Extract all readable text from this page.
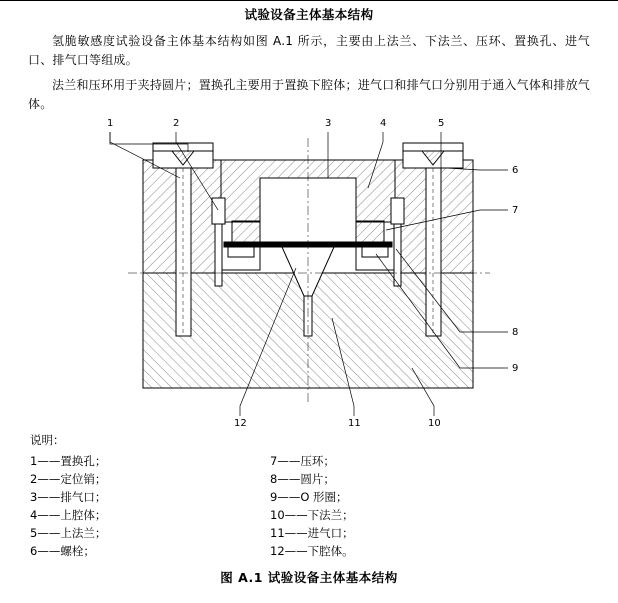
试验设备主体基本结构
氢脆敏感度试验设备主体基本结构如图 A.1 所示，主要由上法兰、下法兰、压环、置换孔、进气口、排气口等组成。
法兰和压环用于夹持圆片；置换孔主要用于置换下腔体；进气口和排气口分别用于通入气体和排放气体。
1	2	3	4	5
6
7
8
9
10
11
12
说明：
1——置换孔；
2——定位销；
3——排气口；
4——上腔体；
5——上法兰；
6——螺栓；
7——压环；
8——圆片；
9——O 形圈；
10——下法兰；
11——进气口；
12——下腔体。
图 A.1 试验设备主体基本结构
